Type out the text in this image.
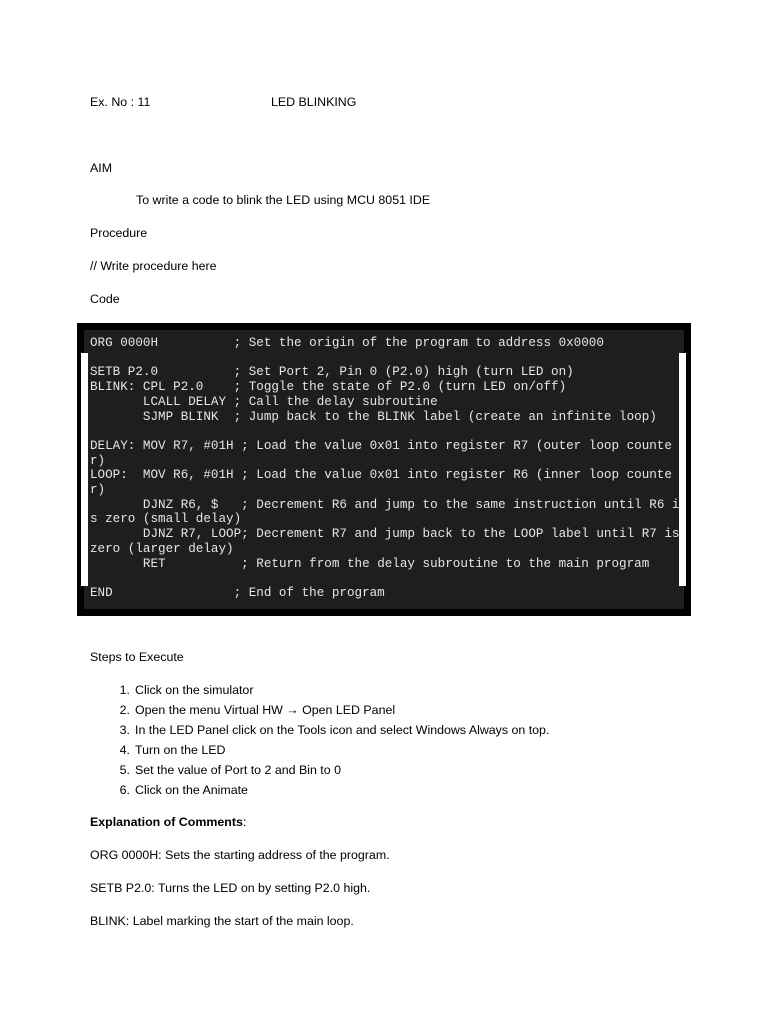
Ex. No : 11	LED BLINKING
AIM
To write a code to blink the LED using MCU 8051 IDE
Procedure
// Write procedure here
Code
ORG 0000H          ; Set the origin of the program to address 0x0000

SETB P2.0          ; Set Port 2, Pin 0 (P2.0) high (turn LED on)
BLINK: CPL P2.0    ; Toggle the state of P2.0 (turn LED on/off)
LCALL DELAY ; Call the delay subroutine
SJMP BLINK  ; Jump back to the BLINK label (create an infinite loop)

DELAY: MOV R7, #01H ; Load the value 0x01 into register R7 (outer loop counter)
LOOP:  MOV R6, #01H ; Load the value 0x01 into register R6 (inner loop counter)
DJNZ R6, $   ; Decrement R6 and jump to the same instruction until R6 is zero (small delay)
DJNZ R7, LOOP; Decrement R7 and jump back to the LOOP label until R7 is zero (larger delay)
RET          ; Return from the delay subroutine to the main program

END                ; End of the program

Steps to Execute
1. Click on the simulator
2. Open the menu Virtual HW → Open LED Panel
3. In the LED Panel click on the Tools icon and select Windows Always on top.
4. Turn on the LED
5. Set the value of Port to 2 and Bin to 0
6. Click on the Animate
Explanation of Comments:
ORG 0000H: Sets the starting address of the program.
SETB P2.0: Turns the LED on by setting P2.0 high.
BLINK: Label marking the start of the main loop.
